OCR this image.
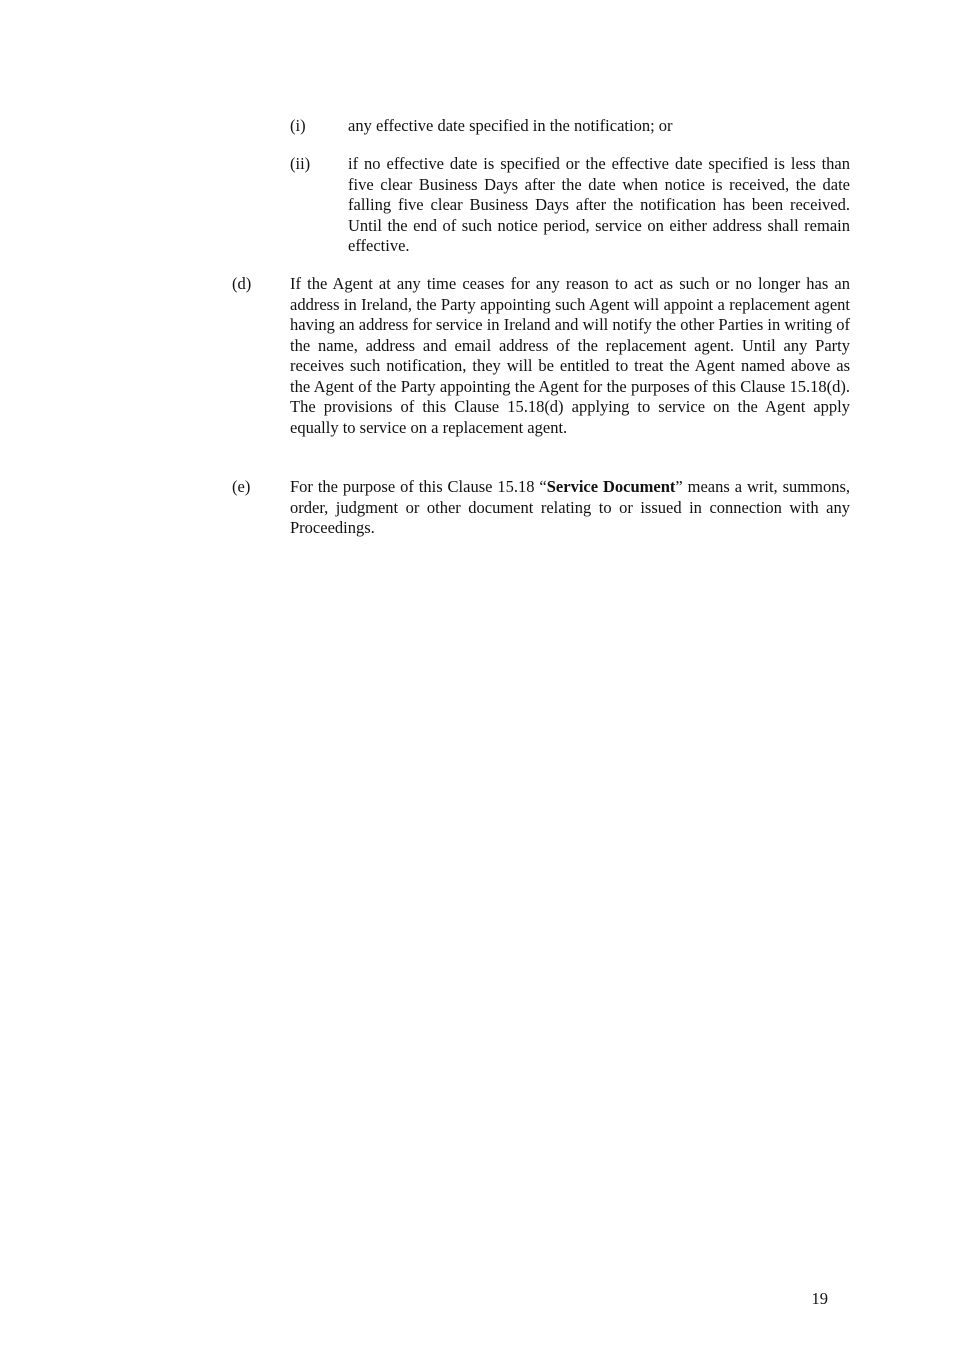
(i)	any effective date specified in the notification; or
(ii) if no effective date is specified or the effective date specified is less than five clear Business Days after the date when notice is received, the date falling five clear Business Days after the notification has been received. Until the end of such notice period, service on either address shall remain effective.
(d) If the Agent at any time ceases for any reason to act as such or no longer has an address in Ireland, the Party appointing such Agent will appoint a replacement agent having an address for service in Ireland and will notify the other Parties in writing of the name, address and email address of the replacement agent. Until any Party receives such notification, they will be entitled to treat the Agent named above as the Agent of the Party appointing the Agent for the purposes of this Clause 15.18(d). The provisions of this Clause 15.18(d) applying to service on the Agent apply equally to service on a replacement agent.
(e) For the purpose of this Clause 15.18 “Service Document” means a writ, summons, order, judgment or other document relating to or issued in connection with any Proceedings.
19
